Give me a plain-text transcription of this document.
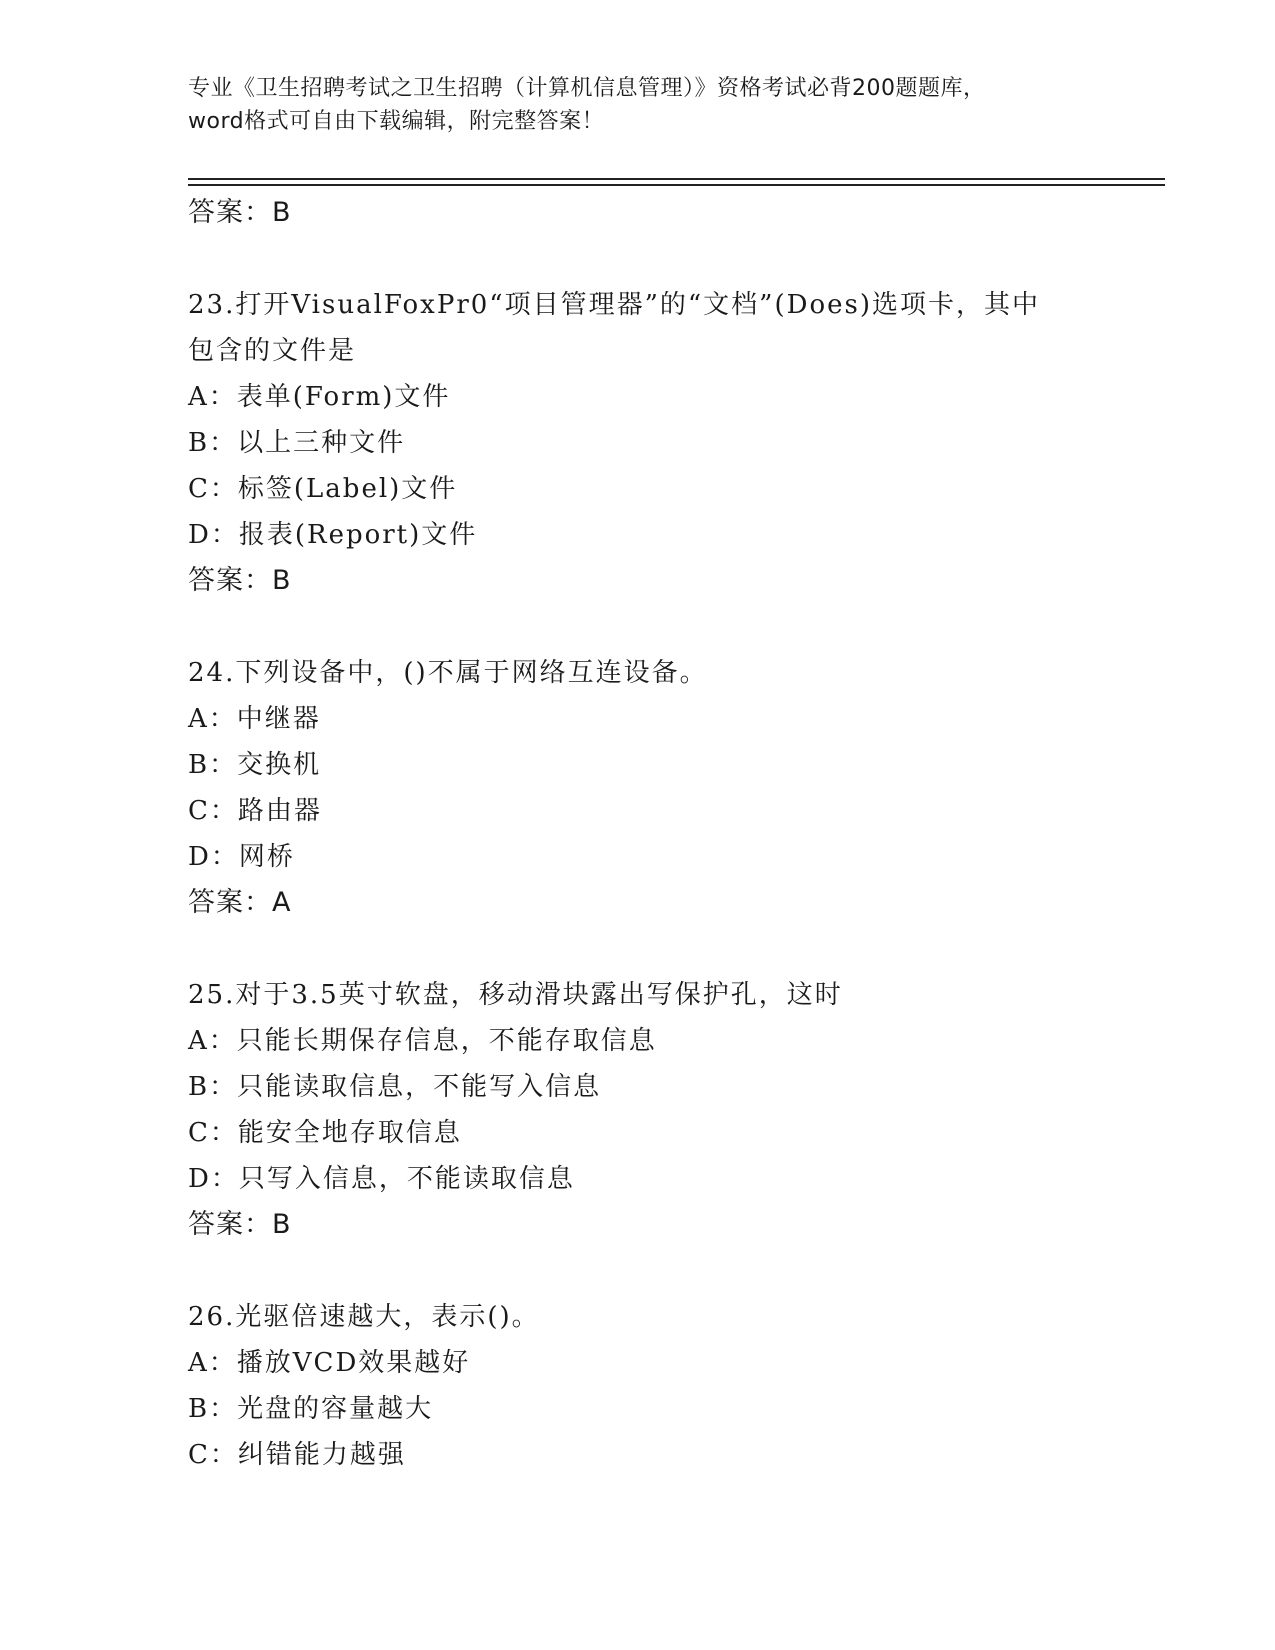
专业《卫生招聘考试之卫生招聘（计算机信息管理）》资格考试必背200题题库，
word格式可自由下载编辑，附完整答案！
答案：B
23.打开VisualFoxPr0“项目管理器”的“文档”(Does)选项卡，其中
包含的文件是
A：表单(Form)文件
B：以上三种文件
C：标签(Label)文件
D：报表(Report)文件
答案：B
24.下列设备中，()不属于网络互连设备。
A：中继器
B：交换机
C：路由器
D：网桥
答案：A
25.对于3.5英寸软盘，移动滑块露出写保护孔，这时
A：只能长期保存信息，不能存取信息
B：只能读取信息，不能写入信息
C：能安全地存取信息
D：只写入信息，不能读取信息
答案：B
26.光驱倍速越大，表示()。
A：播放VCD效果越好
B：光盘的容量越大
C：纠错能力越强
